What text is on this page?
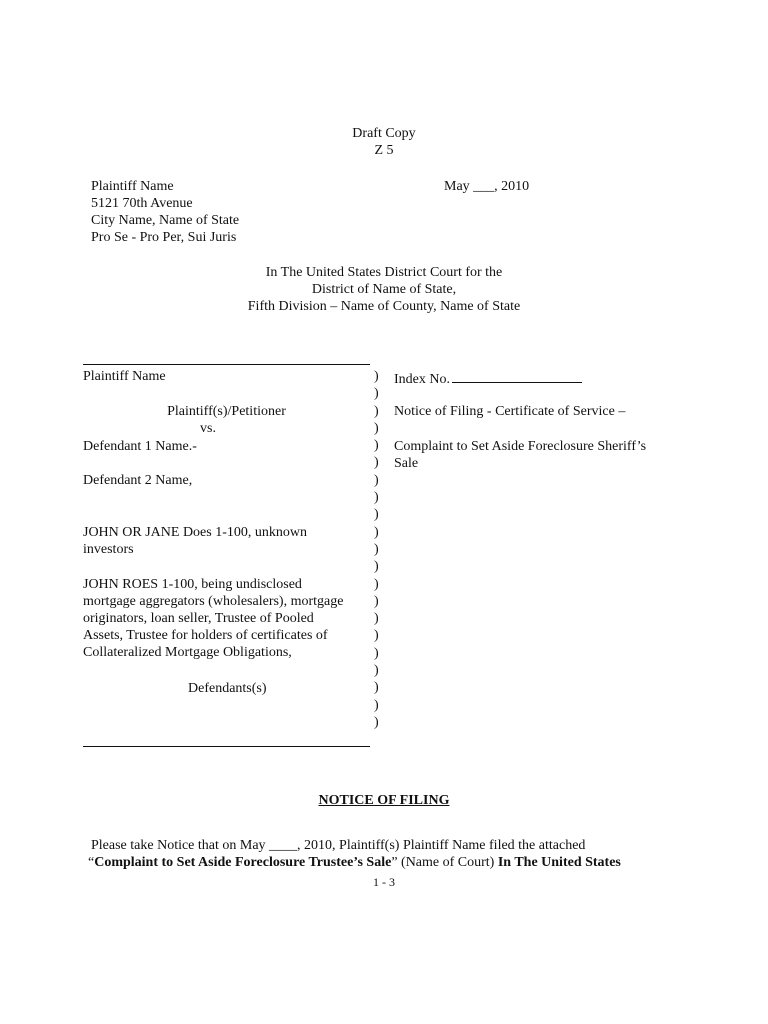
Draft Copy
Z 5
Plaintiff Name
5121 70th Avenue
City Name, Name of State
Pro Se - Pro Per, Sui Juris
May ___, 2010
In The United States District Court for the
District of Name of State,
Fifth Division – Name of County, Name of State
Plaintiff Name
Plaintiff(s)/Petitioner
vs.
Defendant 1 Name.-
Defendant 2 Name,
JOHN OR JANE Does 1-100, unknown
investors
JOHN ROES 1-100, being undisclosed
mortgage aggregators (wholesalers), mortgage
originators, loan seller, Trustee of Pooled
Assets, Trustee for holders of certificates of
Collateralized Mortgage Obligations,
Defendants(s)
)
)
)
)
)
)
)
)
)
)
)
)
)
)
)
)
)
)
)
)
)
Index No.
Notice of Filing - Certificate of Service –
Complaint to Set Aside Foreclosure Sheriff’s
Sale
NOTICE OF FILING
Please take Notice that on May ____, 2010, Plaintiff(s) Plaintiff Name filed the attached
“Complaint to Set Aside Foreclosure Trustee’s Sale” (Name of Court) In The United States
1 - 3
